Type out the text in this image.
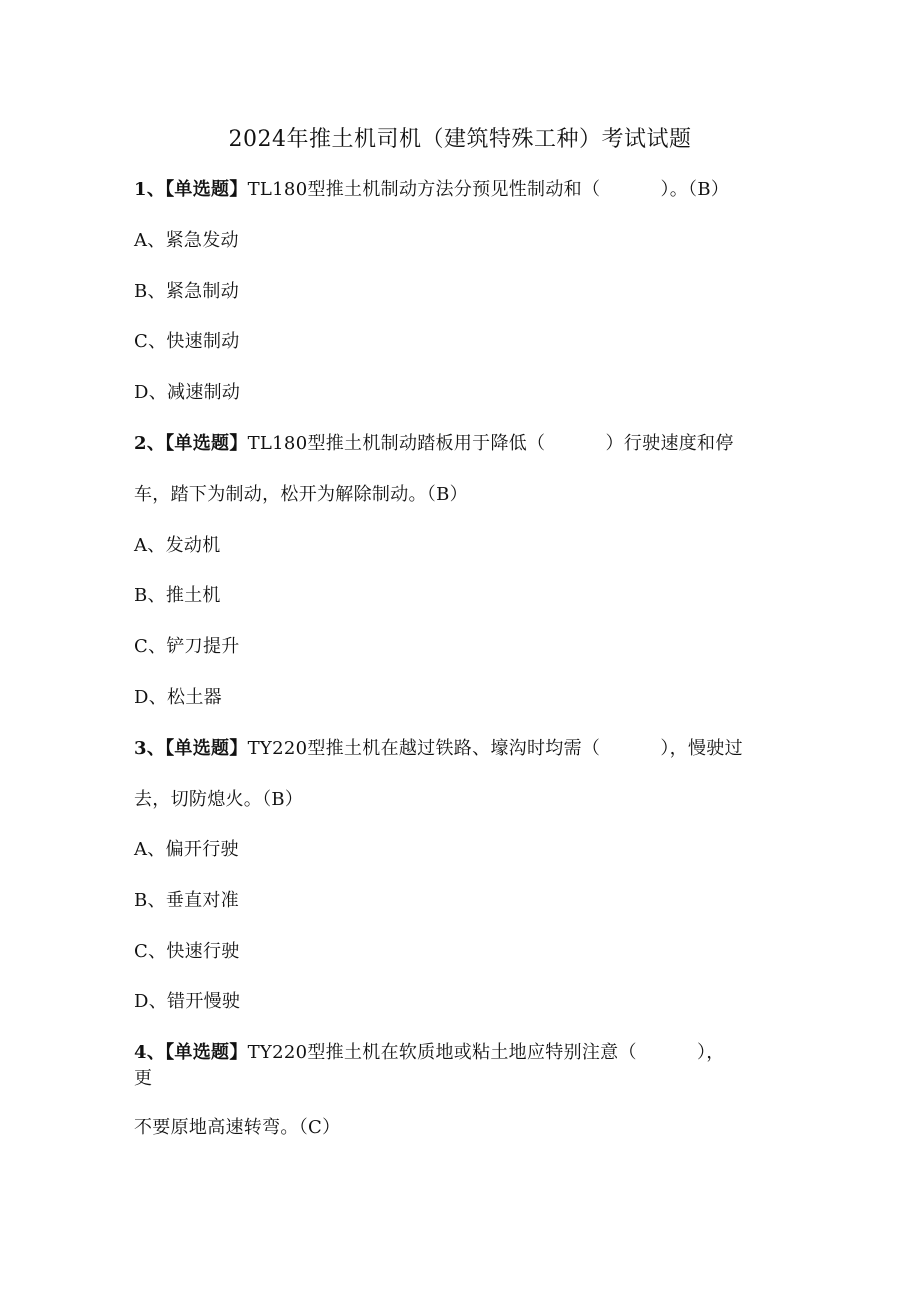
2024年推土机司机（建筑特殊工种）考试试题
1、【单选题】TL180型推土机制动方法分预见性制动和（          ）。（B）
A、紧急发动
B、紧急制动
C、快速制动
D、减速制动
2、【单选题】TL180型推土机制动踏板用于降低（          ）行驶速度和停
车，踏下为制动，松开为解除制动。（B）
A、发动机
B、推土机
C、铲刀提升
D、松土器
3、【单选题】TY220型推土机在越过铁路、壕沟时均需（          ），慢驶过
去，切防熄火。（B）
A、偏开行驶
B、垂直对准
C、快速行驶
D、错开慢驶
4、【单选题】TY220型推土机在软质地或粘土地应特别注意（          ），
更
不要原地高速转弯。（C）
